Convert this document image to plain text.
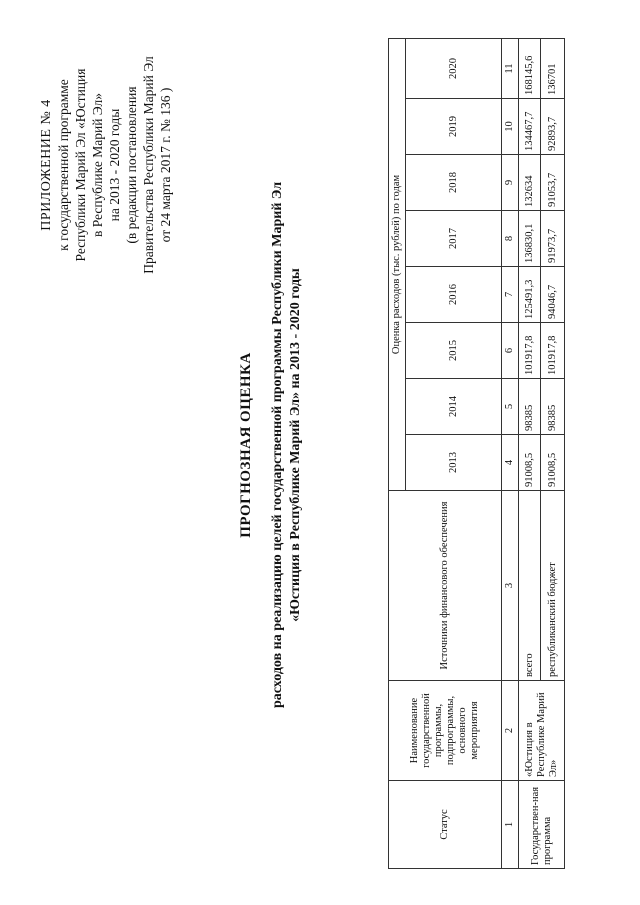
ПРИЛОЖЕНИЕ № 4 к государственной программе Республики Марий Эл «Юстиция в Республике Марий Эл» на 2013 - 2020 годы (в редакции постановления Правительства Республики Марий Эл от 24 марта 2017 г. № 136 )
ПРОГНОЗНАЯ ОЦЕНКА расходов на реализацию целей государственной программы Республики Марий Эл «Юстиция в Республике Марий Эл» на 2013 - 2020 годы
Статус	Наименование государственной программы, подпрограммы, основного мероприятия	Источники финансового обеспечения	Оценка расходов (тыс. рублей) по годам							
			2013	2014	2015	2016	2017	2018	2019	2020
1	2	3	4	5	6	7	8	9	10	11
Государствен-ная программа	«Юстиция в Республике Марий Эл»	всего	91008,5	98385	101917,8	125491,3	136830,1	132634	134467,7	168145,6
		республиканский бюджет	91008,5	98385	101917,8	94046,7	91973,7	91053,7	92893,7	136701
